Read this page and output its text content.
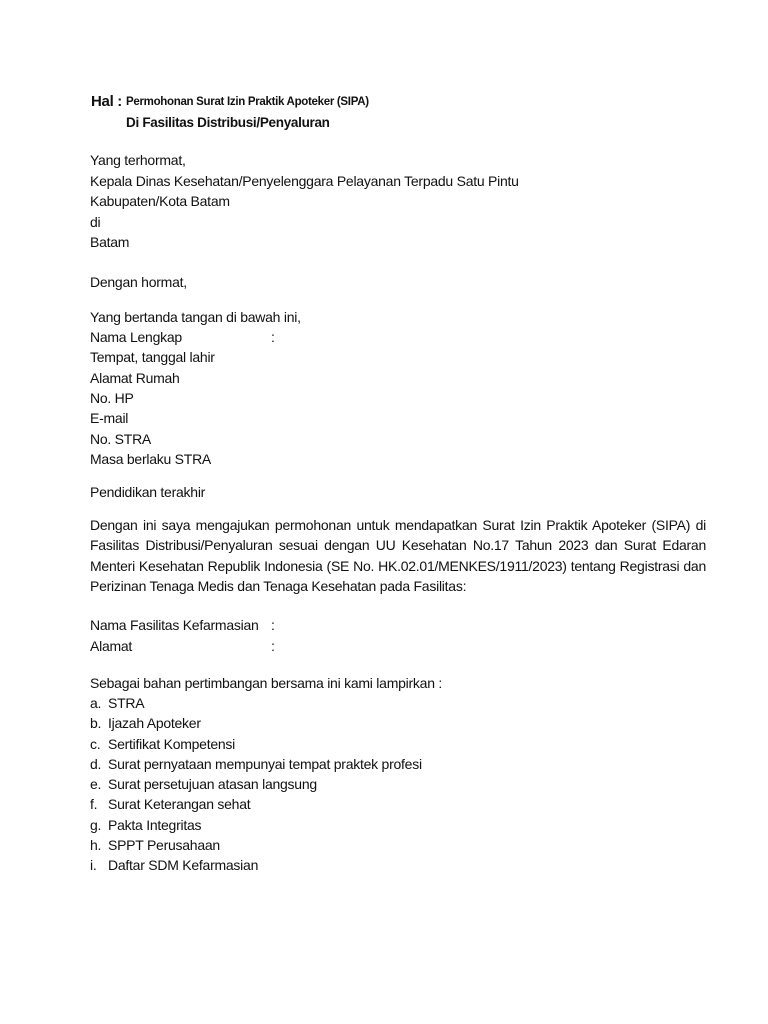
Hal : Permohonan Surat Izin Praktik Apoteker (SIPA)
Di Fasilitas Distribusi/Penyaluran
Yang terhormat,
Kepala Dinas Kesehatan/Penyelenggara Pelayanan Terpadu Satu Pintu
Kabupaten/Kota Batam
di
Batam
Dengan hormat,
Yang bertanda tangan di bawah ini,
Nama Lengkap	:
Tempat, tanggal lahir
Alamat Rumah
No. HP
E-mail
No. STRA
Masa berlaku STRA
Pendidikan terakhir
Dengan ini saya mengajukan permohonan untuk mendapatkan Surat Izin Praktik Apoteker (SIPA) di Fasilitas Distribusi/Penyaluran sesuai dengan UU Kesehatan No.17 Tahun 2023 dan Surat Edaran Menteri Kesehatan Republik Indonesia (SE No. HK.02.01/MENKES/1911/2023) tentang Registrasi dan Perizinan Tenaga Medis dan Tenaga Kesehatan pada Fasilitas:
Nama Fasilitas Kefarmasian :
Alamat	:
Sebagai bahan pertimbangan bersama ini kami lampirkan :
a. STRA
b. Ijazah Apoteker
c. Sertifikat Kompetensi
d. Surat pernyataan mempunyai tempat praktek profesi
e. Surat persetujuan atasan langsung
f. Surat Keterangan sehat
g. Pakta Integritas
h. SPPT Perusahaan
i. Daftar SDM Kefarmasian
